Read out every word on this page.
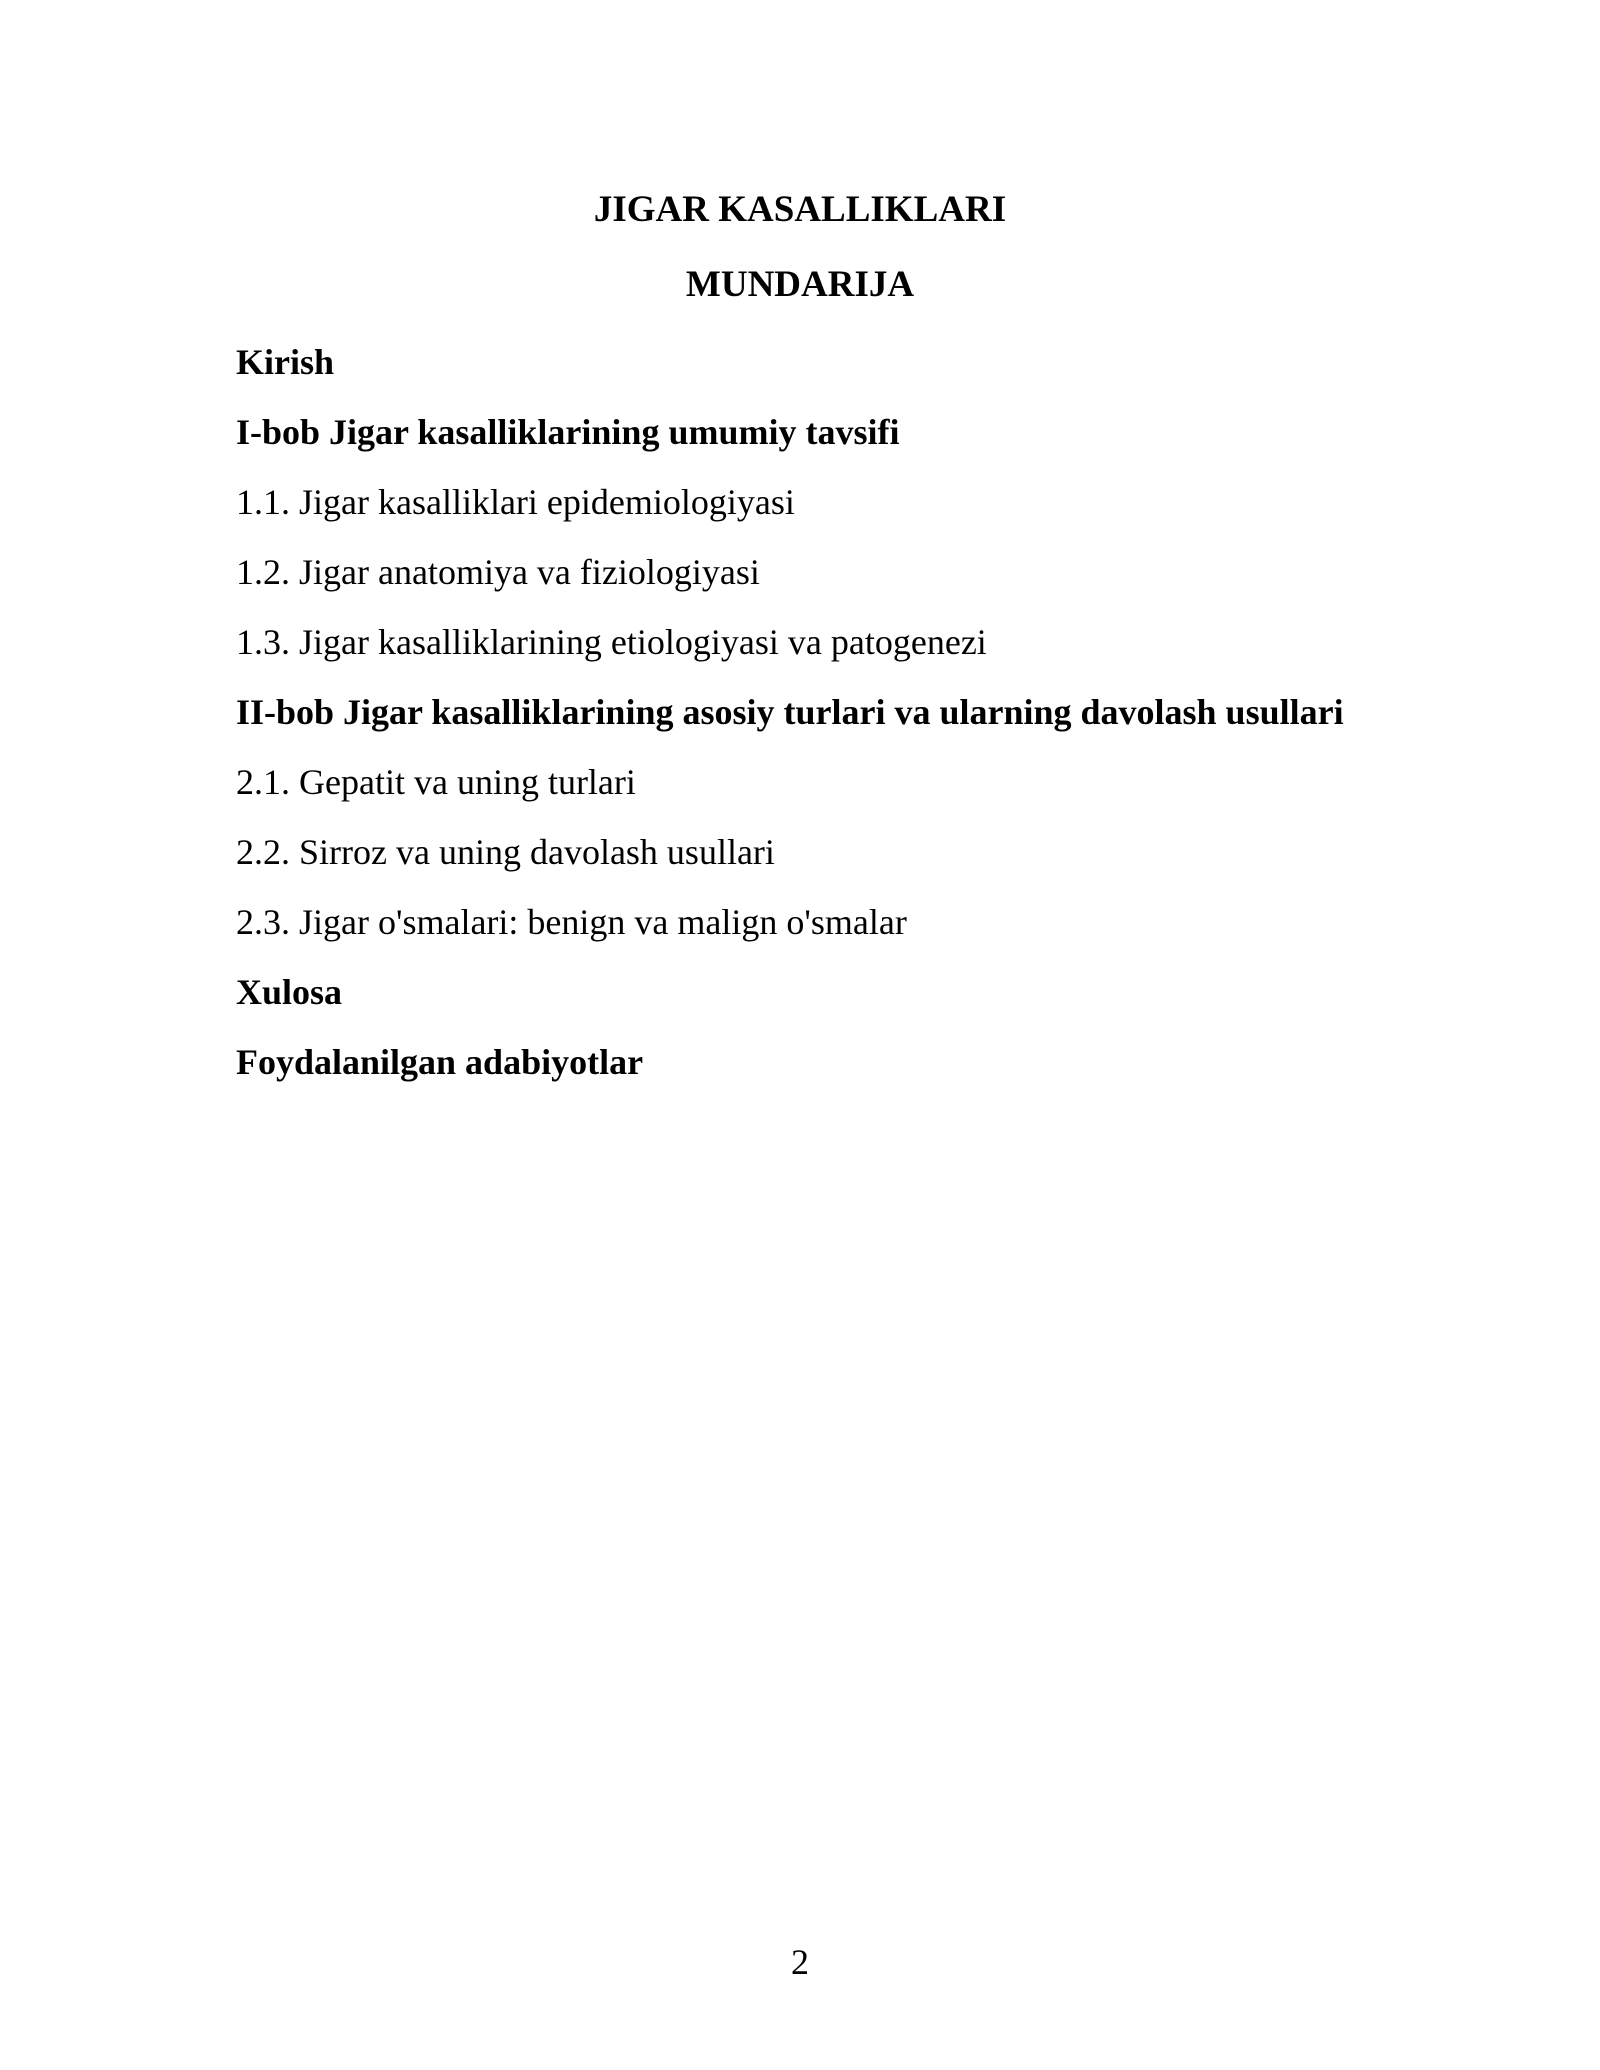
JIGAR KASALLIKLARI
MUNDARIJA
Kirish
I-bob Jigar kasalliklarining umumiy tavsifi
1.1. Jigar kasalliklari epidemiologiyasi
1.2. Jigar anatomiya va fiziologiyasi
1.3. Jigar kasalliklarining etiologiyasi va patogenezi
II-bob Jigar kasalliklarining asosiy turlari va ularning davolash usullari
2.1. Gepatit va uning turlari
2.2. Sirroz va uning davolash usullari
2.3. Jigar o'smalari: benign va malign o'smalar
Xulosa
Foydalanilgan adabiyotlar
2
